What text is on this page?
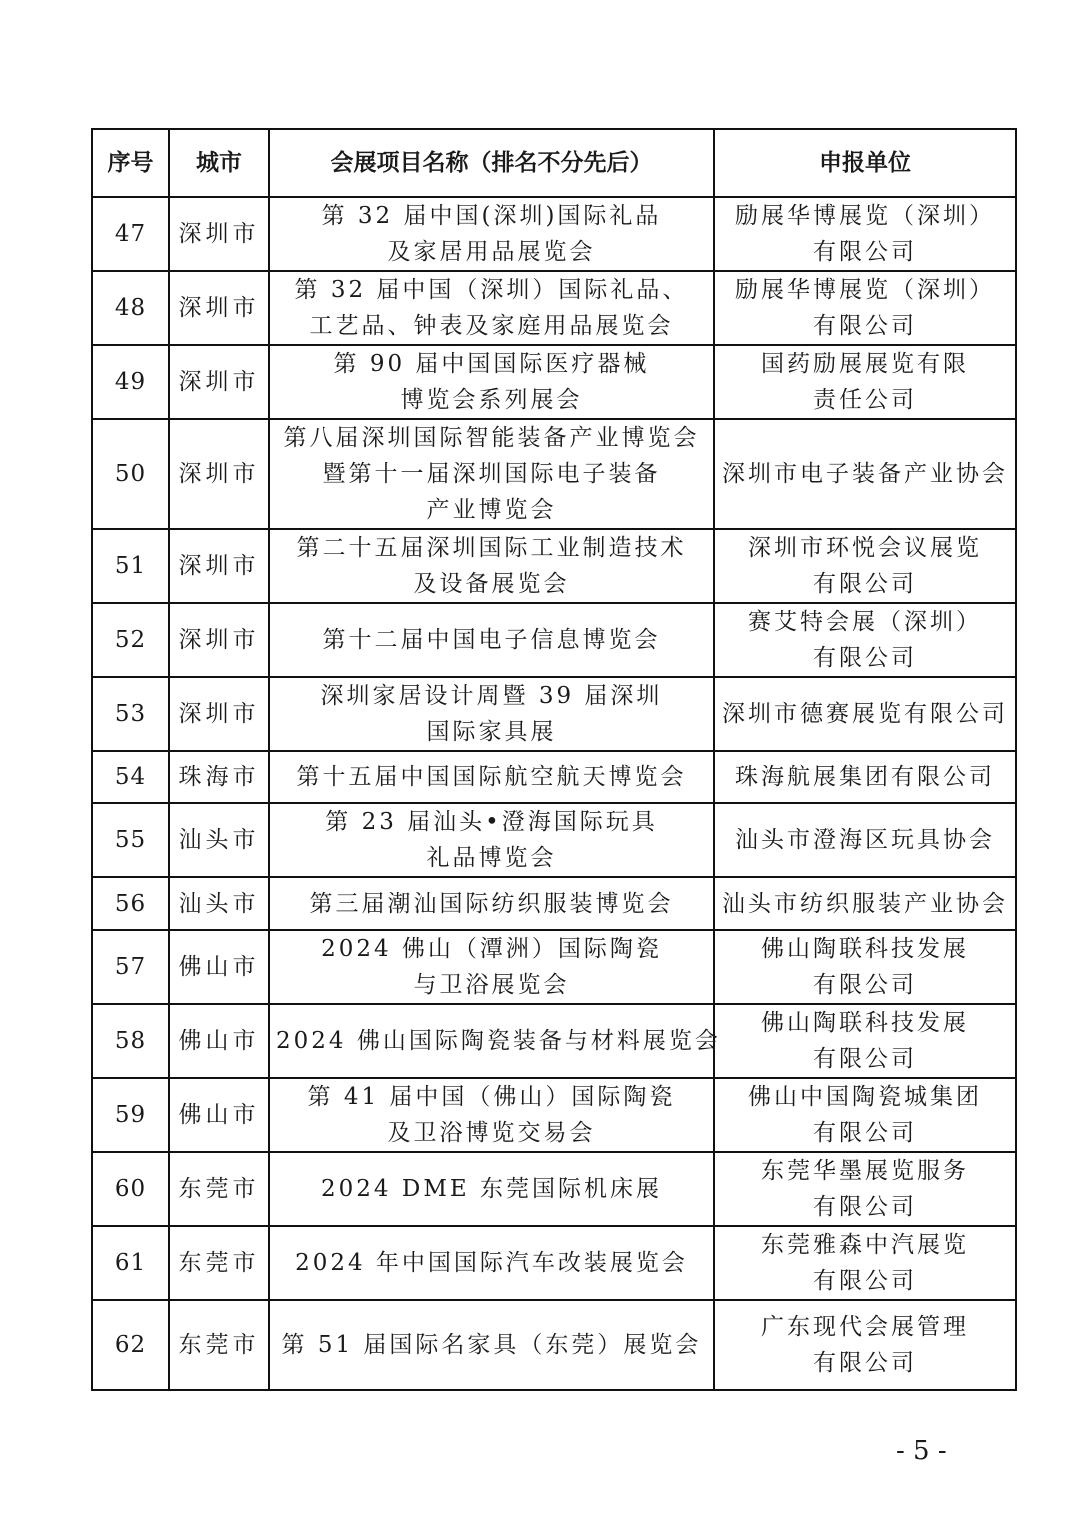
序号	城市	会展项目名称（排名不分先后）	申报单位
47	深圳市	第 32 届中国(深圳)国际礼品
及家居用品展览会	励展华博展览（深圳）
有限公司

48	深圳市	第 32 届中国（深圳）国际礼品、
工艺品、钟表及家庭用品展览会	励展华博展览（深圳）
有限公司

49	深圳市	第 90 届中国国际医疗器械
博览会系列展会	国药励展展览有限
责任公司

50	深圳市	第八届深圳国际智能装备产业博览会
暨第十一届深圳国际电子装备
产业博览会	深圳市电子装备产业协会

51	深圳市	第二十五届深圳国际工业制造技术
及设备展览会	深圳市环悦会议展览
有限公司

52	深圳市	第十二届中国电子信息博览会	赛艾特会展（深圳）
有限公司

53	深圳市	深圳家居设计周暨 39 届深圳
国际家具展	深圳市德赛展览有限公司

54	珠海市	第十五届中国国际航空航天博览会	珠海航展集团有限公司

55	汕头市	第 23 届汕头•澄海国际玩具
礼品博览会	汕头市澄海区玩具协会

56	汕头市	第三届潮汕国际纺织服装博览会	汕头市纺织服装产业协会

57	佛山市	2024 佛山（潭洲）国际陶瓷
与卫浴展览会	佛山陶联科技发展
有限公司

58	佛山市	2024 佛山国际陶瓷装备与材料展览会	佛山陶联科技发展
有限公司

59	佛山市	第 41 届中国（佛山）国际陶瓷
及卫浴博览交易会	佛山中国陶瓷城集团
有限公司

60	东莞市	2024 DME 东莞国际机床展	东莞华墨展览服务
有限公司

61	东莞市	2024 年中国国际汽车改装展览会	东莞雅森中汽展览
有限公司

62	东莞市	第 51 届国际名家具（东莞）展览会	广东现代会展管理
有限公司
- 5 -
